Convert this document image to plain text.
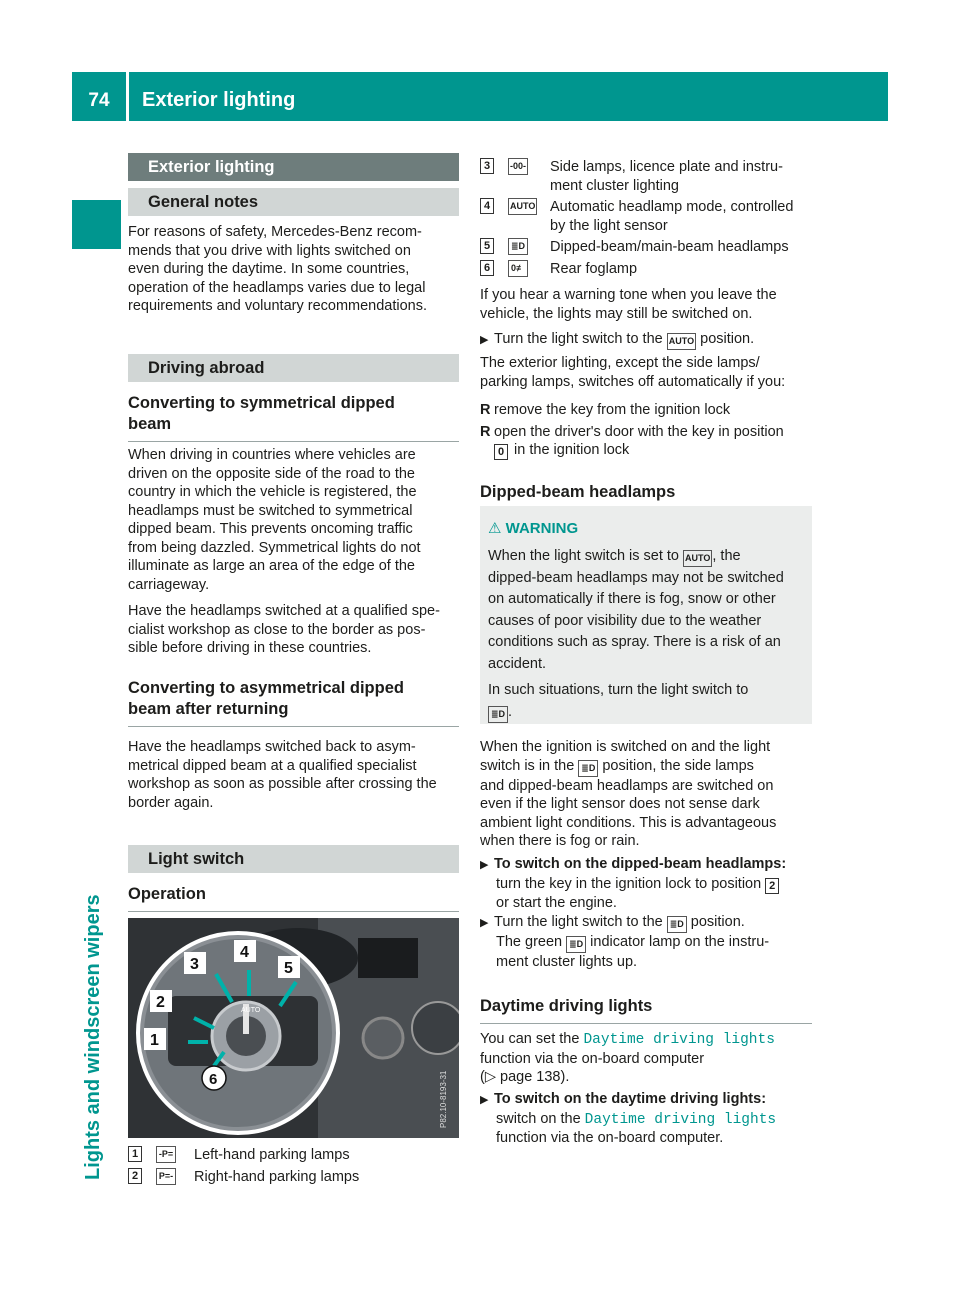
74	Exterior lighting
Lights and windscreen wipers
Exterior lighting
General notes

For reasons of safety, Mercedes-Benz recom-

mends that you drive with lights switched on

even during the daytime. In some countries,

operation of the headlamps varies due to legal

requirements and voluntary recommendations.

Driving abroad
Converting to symmetrical dipped
beam

When driving in countries where vehicles are

driven on the opposite side of the road to the

country in which the vehicle is registered, the

headlamps must be switched to symmetrical

dipped beam. This prevents oncoming traffic

from being dazzled. Symmetrical lights do not

illuminate as large an area of the edge of the

carriageway.

Have the headlamps switched at a qualified spe-

cialist workshop as close to the border as pos-

sible before driving in these countries.

Converting to asymmetrical dipped
beam after returning

Have the headlamps switched back to asym-

metrical dipped beam at a qualified specialist

workshop as soon as possible after crossing the

border again.

Light switch
Operation
AUTO
1
2
3
4
5
6	P82.10-8193-31
1	-P= Left-hand parking lamps
2	P=- Right-hand parking lamps
3	-00- Side lamps, licence plate and instru-
ment cluster lighting
4	AUTO Automatic headlamp mode, controlled
by the light sensor
5	≣D Dipped-beam/main-beam headlamps
6	0≢ Rear foglamp

If you hear a warning tone when you leave the

vehicle, the lights may still be switched on.

▶ Turn the light switch to the AUTO position.

The exterior lighting, except the side lamps/

parking lamps, switches off automatically if you:

R remove the key from the ignition lock

R open the driver's door with the key in position

0 in the ignition lock

Dipped-beam headlamps
⚠ WARNING
When the light switch is set to AUTO , the
dipped-beam headlamps may not be switched
on automatically if there is fog, snow or other
causes of poor visibility due to the weather
conditions such as spray. There is a risk of an
accident.
In such situations, turn the light switch to
≣D .

When the ignition is switched on and the light

switch is in the ≣D position, the side lamps

and dipped-beam headlamps are switched on

even if the light sensor does not sense dark

ambient light conditions. This is advantageous

when there is fog or rain.

▶ To switch on the dipped-beam headlamps:

turn the key in the ignition lock to position 2

or start the engine.

▶ Turn the light switch to the ≣D position.

The green ≣D indicator lamp on the instru-

ment cluster lights up.

Daytime driving lights

You can set the Daytime driving lights

function via the on-board computer

(▷ page 138).

▶ To switch on the daytime driving lights:

switch on the Daytime driving lights

function via the on-board computer.
